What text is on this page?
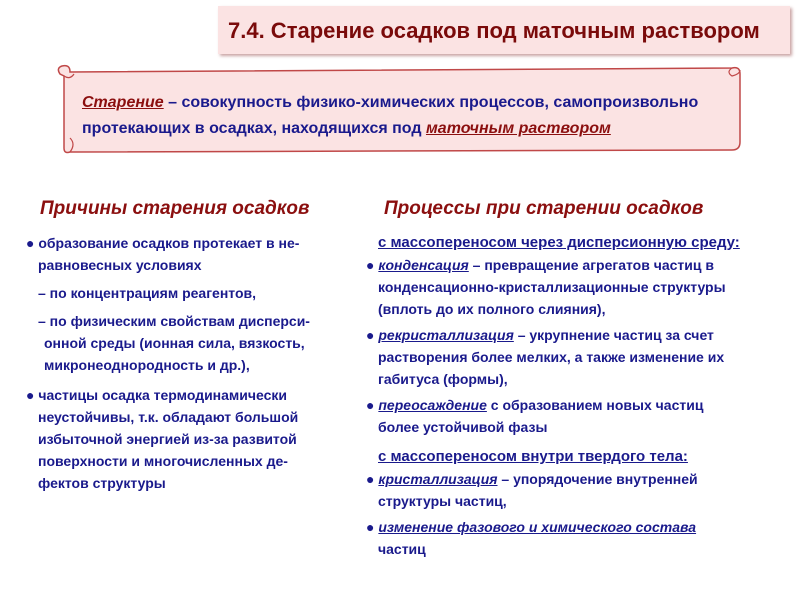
7.4. Старение осадков под маточным раствором
Старение – совокупность физико-химических процессов, самопроизвольно протекающих в осадках, находящихся под маточным раствором
Причины старения осадков	Процессы при старении осадков

● образование осадков протекает в не-

равновесных условиях

– по концентрациям реагентов,

– по физическим свойствам дисперси-

онной среды (ионная сила, вязкость,

микронеоднородность и др.),

● частицы осадка термодинамически

неустойчивы, т.к. обладают большой

избыточной энергией из-за развитой

поверхности и многочисленных де-

фектов структуры

с массопереносом через дисперсионную среду:

● конденсация – превращение агрегатов частиц в

конденсационно-кристаллизационные структуры

(вплоть до их полного слияния),

● рекристаллизация – укрупнение частиц за счет

растворения более мелких, а также изменение их

габитуса (формы),

● переосаждение с образованием новых частиц

более устойчивой фазы

с массопереносом внутри твердого тела:

● кристаллизация – упорядочение внутренней

структуры частиц,

● изменение фазового и химического состава

частиц
